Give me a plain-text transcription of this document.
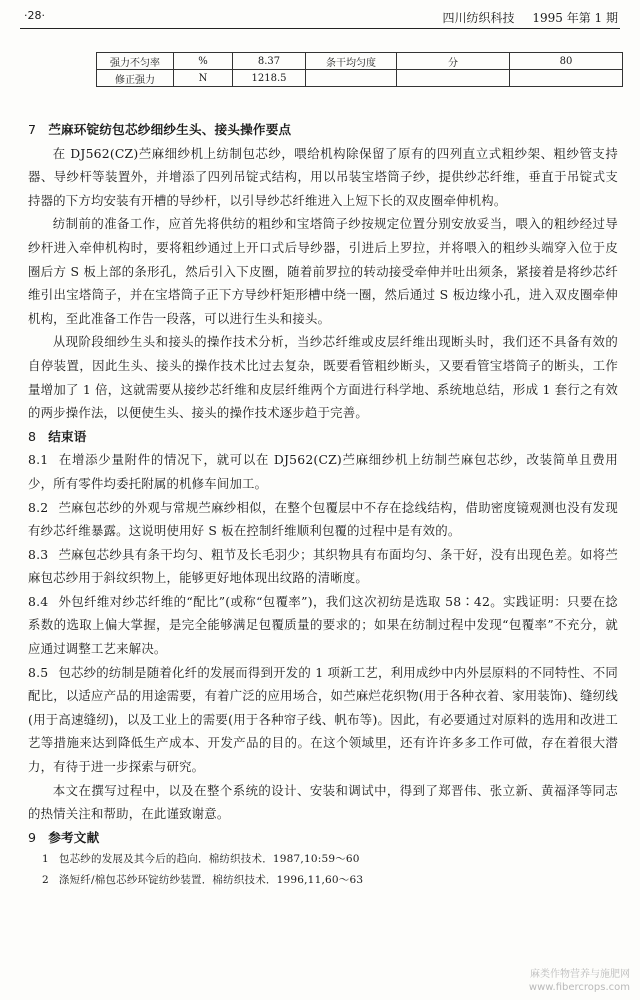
·28·	四川纺织科技 1995 年第 1 期
强力不匀率	%	8.37	条干均匀度	分	80
修正强力	N	1218.5			

7 苎麻环锭纺包芯纱细纱生头、接头操作要点

在 DJ562(CZ)苎麻细纱机上纺制包芯纱，喂给机构除保留了原有的四列直立式粗纱架、粗纱管支持器、导纱杆等装置外，并增添了四列吊锭式结构，用以吊装宝塔筒子纱，提供纱芯纤维，垂直于吊锭式支持器的下方均安装有开槽的导纱杆，以引导纱芯纤维进入上短下长的双皮圈牵伸机构。

纺制前的准备工作，应首先将供纺的粗纱和宝塔筒子纱按规定位置分别安放妥当，喂入的粗纱经过导纱杆进入牵伸机构时，要将粗纱通过上开口式后导纱器，引进后上罗拉，并将喂入的粗纱头端穿入位于皮圈后方 S 板上部的条形孔，然后引入下皮圈，随着前罗拉的转动接受牵伸并吐出须条，紧接着是将纱芯纤维引出宝塔筒子，并在宝塔筒子正下方导纱杆矩形槽中绕一圈，然后通过 S 板边缘小孔，进入双皮圈牵伸机构，至此准备工作告一段落，可以进行生头和接头。

从现阶段细纱生头和接头的操作技术分析，当纱芯纤维或皮层纤维出现断头时，我们还不具备有效的自停装置，因此生头、接头的操作技术比过去复杂，既要看管粗纱断头，又要看管宝塔筒子的断头，工作量增加了 1 倍，这就需要从接纱芯纤维和皮层纤维两个方面进行科学地、系统地总结，形成 1 套行之有效的两步操作法，以便使生头、接头的操作技术逐步趋于完善。

8 结束语

8.1 在增添少量附件的情况下，就可以在 DJ562(CZ)苎麻细纱机上纺制苎麻包芯纱，改装简单且费用少，所有零件均委托附属的机修车间加工。

8.2 苎麻包芯纱的外观与常规苎麻纱相似，在整个包覆层中不存在捻线结构，借助密度镜观测也没有发现有纱芯纤维暴露。这说明使用好 S 板在控制纤维顺利包覆的过程中是有效的。

8.3 苎麻包芯纱具有条干均匀、粗节及长毛羽少；其织物具有布面均匀、条干好，没有出现色差。如将苎麻包芯纱用于斜纹织物上，能够更好地体现出纹路的清晰度。

8.4 外包纤维对纱芯纤维的“配比”(或称“包覆率”)，我们这次初纺是选取 58∶42。实践证明：只要在捻系数的选取上偏大掌握，是完全能够满足包覆质量的要求的；如果在纺制过程中发现“包覆率”不充分，就应通过调整工艺来解决。

8.5 包芯纱的纺制是随着化纤的发展而得到开发的 1 项新工艺，利用成纱中内外层原料的不同特性、不同配比，以适应产品的用途需要，有着广泛的应用场合，如苎麻烂花织物(用于各种衣着、家用装饰)、缝纫线(用于高速缝纫)，以及工业上的需要(用于各种帘子线、帆布等)。因此，有必要通过对原料的选用和改进工艺等措施来达到降低生产成本、开发产品的目的。在这个领域里，还有许许多多工作可做，存在着很大潜力，有待于进一步探索与研究。

本文在撰写过程中，以及在整个系统的设计、安装和调试中，得到了郑晋伟、张立新、黄福泽等同志的热情关注和帮助，在此谨致谢意。

9 参考文献

1 包芯纱的发展及其今后的趋向．棉纺织技术．1987,10:59～60

2 涤短纤/棉包芯纱环锭纺纱装置．棉纺织技术．1996,11,60～63

麻类作物营养与施肥网
www.fibercrops.com
